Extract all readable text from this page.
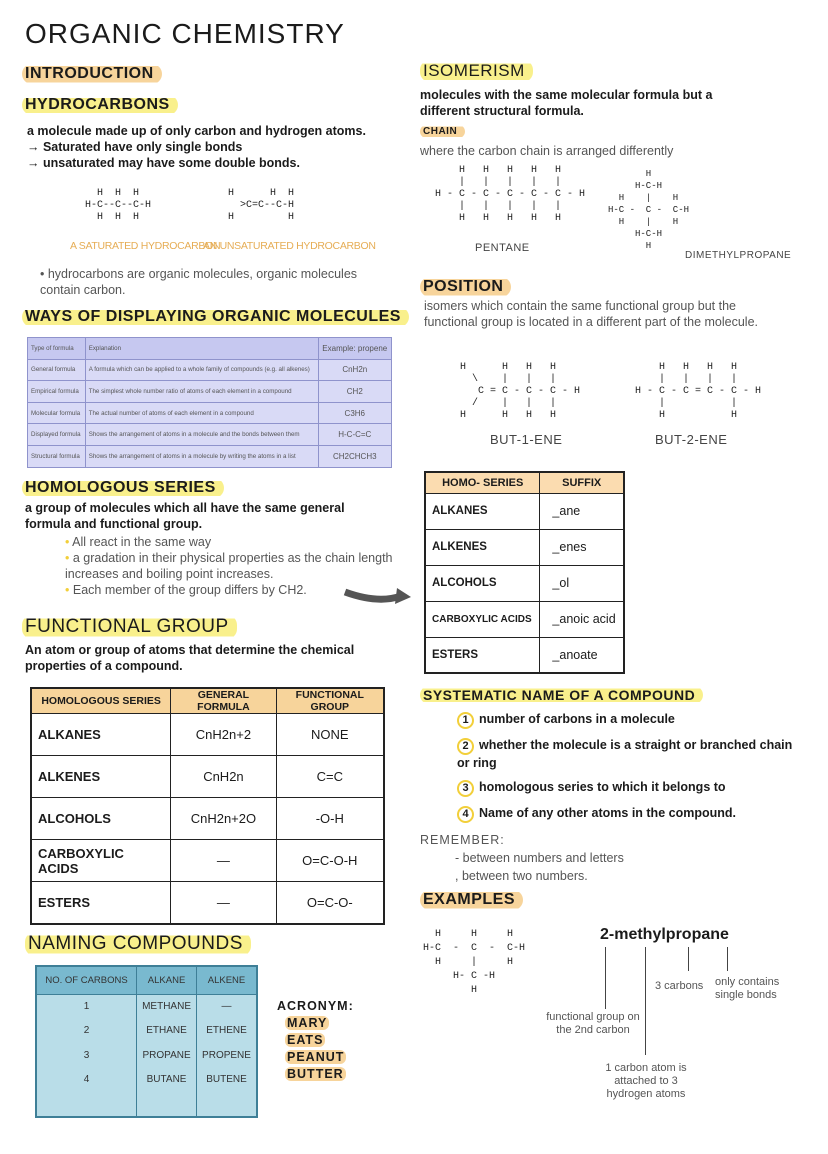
ORGANIC CHEMISTRY
INTRODUCTION
HYDROCARBONS
a molecule made up of only carbon and hydrogen atoms.
→ Saturated have only single bonds
→ unsaturated may have some double bonds.
H  H  H
H-C--C--C-H
H  H  H
A SATURATED HYDROCARBON
H      H  H
>C=C--C-H
H         H
AN UNSATURATED HYDROCARBON
• hydrocarbons are organic molecules, organic molecules contain carbon.
WAYS OF DISPLAYING ORGANIC MOLECULES
Type of formula	Explanation	Example: propene
General formula	A formula which can be applied to a whole family of compounds (e.g. all alkenes)	CnH2n
Empirical formula	The simplest whole number ratio of atoms of each element in a compound	CH2
Molecular formula	The actual number of atoms of each element in a compound	C3H6
Displayed formula	Shows the arrangement of atoms in a molecule and the bonds between them	H-C-C=C
Structural formula	Shows the arrangement of atoms in a molecule by writing the atoms in a list	CH2CHCH3
HOMOLOGOUS SERIES
a group of molecules which all have the same general formula and functional group.
• All react in the same way
• a gradation in their physical properties as the chain length increases and boiling point increases.
• Each member of the group differs by CH2.
FUNCTIONAL GROUP
An atom or group of atoms that determine the chemical properties of a compound.
HOMOLOGOUS SERIES	GENERAL FORMULA	FUNCTIONAL GROUP
ALKANES	CnH2n+2	NONE
ALKENES	CnH2n	C=C
ALCOHOLS	CnH2n+2O	-O-H
CARBOXYLIC ACIDS	—	O=C-O-H
ESTERS	—	O=C-O-
NAMING COMPOUNDS
NO. OF CARBONS	ALKANE	ALKENE
1	METHANE	—
2	ETHANE	ETHENE
3	PROPANE	PROPENE
4	BUTANE	BUTENE

ACRONYM:
MARY
EATS
PEANUT
BUTTER
ISOMERISM
molecules with the same molecular formula but a different structural formula.
CHAIN
where the carbon chain is arranged differently
H   H   H   H   H
|   |   |   |   |
H - C - C - C - C - C - H
|   |   |   |   |
H   H   H   H   H
PENTANE
H
H-C-H
H    |    H
H-C -  C -  C-H
H    |    H
H-C-H
H
DIMETHYLPROPANE
POSITION
isomers which contain the same functional group but the functional group is located in a different part of the molecule.
H      H   H   H
\    |   |   |
C = C - C - C - H
/    |   |   |
H      H   H   H
BUT-1-ENE
H   H   H   H
|   |   |   |
H - C - C = C - C - H
|           |
H           H
BUT-2-ENE
HOMO- SERIES	SUFFIX
ALKANES	_ane
ALKENES	_enes
ALCOHOLS	_ol
CARBOXYLIC ACIDS	_anoic acid
ESTERS	_anoate
SYSTEMATIC NAME OF A COMPOUND
1 number of carbons in a molecule
2 whether the molecule is a straight or branched chain or ring
3 homologous series to which it belongs to
4 Name of any other atoms in the compound.
REMEMBER:
- between numbers and letters
, between two numbers.
EXAMPLES
H     H     H
H-C  -  C  -  C-H
H     |     H
H- C -H
H
2-methylpropane
functional group on the 2nd carbon
1 carbon atom is attached to 3 hydrogen atoms
3 carbons only contains single bonds
